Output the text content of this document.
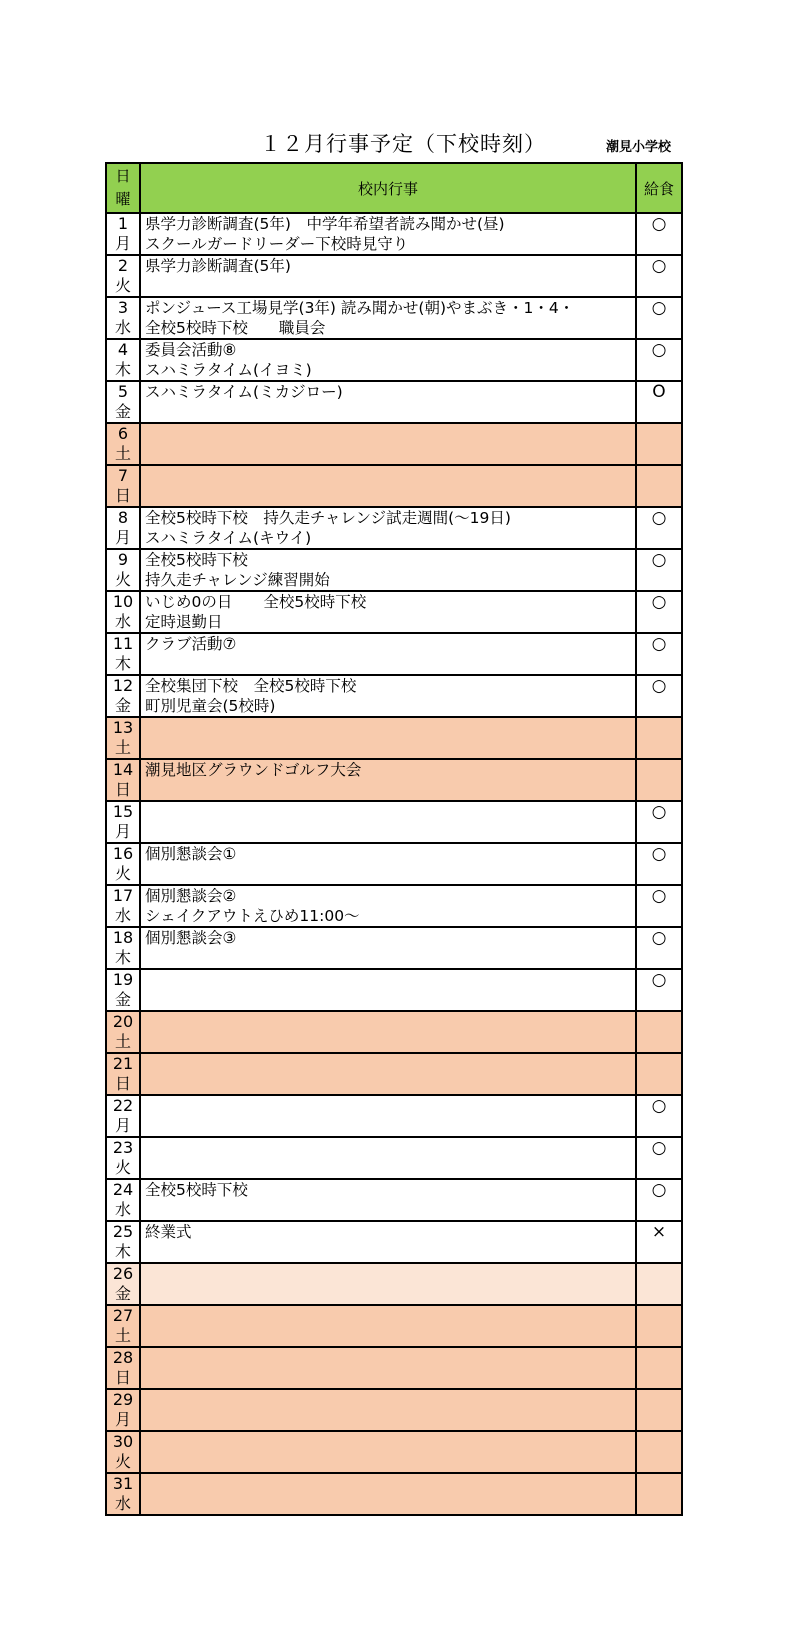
１２月行事予定（下校時刻）	潮見小学校
日
曜	校内行事	給食

1
月	県学力診断調査(5年)　中学年希望者読み聞かせ(昼)
スクールガードリーダー下校時見守り	○

2
火	県学力診断調査(5年)	○

3
水	ポンジュース工場見学(3年) 読み聞かせ(朝)やまぶき・1・4・
全校5校時下校　　職員会	○

4
木	委員会活動⑧
スハミラタイム(イヨミ)	○

5
金	スハミラタイム(ミカジロー)	O

6
土		

7
日		

8
月	全校5校時下校　持久走チャレンジ試走週間(～19日)
スハミラタイム(キウイ)	○

9
火	全校5校時下校
持久走チャレンジ練習開始	○

10
水	いじめ0の日　　全校5校時下校
定時退勤日	○

11
木	クラブ活動⑦	○

12
金	全校集団下校　全校5校時下校
町別児童会(5校時)	○

13
土		

14
日	潮見地区グラウンドゴルフ大会	

15
月		○

16
火	個別懇談会①	○

17
水	個別懇談会②
シェイクアウトえひめ11:00～	○

18
木	個別懇談会③	○

19
金		○

20
土		

21
日		

22
月		○

23
火		○

24
水	全校5校時下校	○

25
木	終業式	×

26
金		

27
土		

28
日		

29
月		

30
火		

31
水		
